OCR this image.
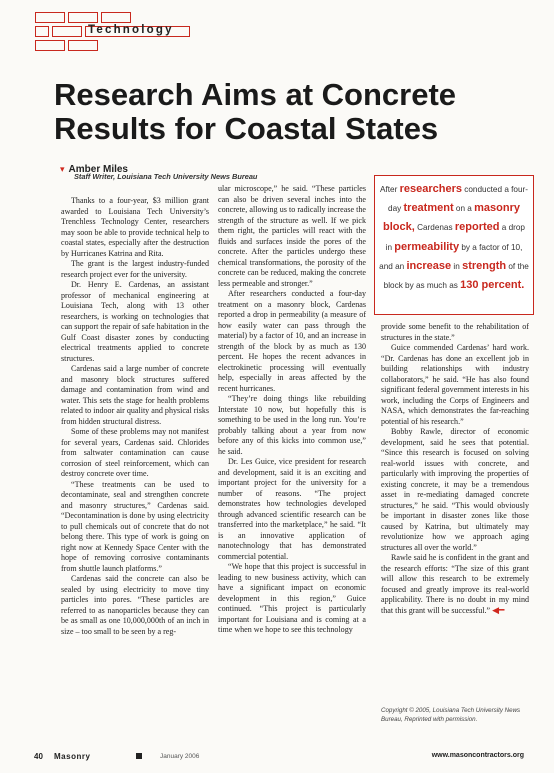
Technology
Research Aims at Concrete
Results for Coastal States
▾ Amber Miles
Staff Writer, Louisiana Tech University News Bureau

Thanks to a four-year, $3 million grant awarded to Louisiana Tech University’s Trenchless Technology Center, researchers may soon be able to provide technical help to coastal states, especially after the destruction by Hurricanes Katrina and Rita.

The grant is the largest industry-funded research project ever for the university.

Dr. Henry E. Cardenas, an assistant professor of mechanical engineering at Louisiana Tech, along with 13 other researchers, is working on technologies that can support the repair of safe habitation in the Gulf Coast disaster zones by conducting electrical treatments applied to concrete structures.

Cardenas said a large number of concrete and masonry block structures suffered damage and contamination from wind and water. This sets the stage for health problems related to indoor air quality and physical risks from hidden structural distress.

Some of these problems may not manifest for several years, Cardenas said. Chlorides from saltwater contamination can cause corrosion of steel reinforcement, which can destroy concrete over time.

“These treatments can be used to decontaminate, seal and strengthen concrete and masonry structures,” Cardenas said. “Decontamination is done by using electricity to pull chemicals out of concrete that do not belong there. This type of work is going on right now at Kennedy Space Center with the hope of removing corrosive contaminants from shuttle launch platforms.”

Cardenas said the concrete can also be sealed by using electricity to move tiny particles into pores. “These particles are referred to as nanoparticles because they can be as small as one 10,000,000th of an inch in size – too small to be seen by a reg-

ular microscope,” he said. “These particles can also be driven several inches into the concrete, allowing us to radically increase the strength of the structure as well. If we pick them right, the particles will react with the fluids and surfaces inside the pores of the concrete. After the particles undergo these chemical transformations, the porosity of the concrete can be reduced, making the concrete less permeable and stronger.”

After researchers conducted a four-day treatment on a masonry block, Cardenas reported a drop in permeability (a measure of how easily water can pass through the material) by a factor of 10, and an increase in strength of the block by as much as 130 percent. He hopes the recent advances in electrokinetic processing will eventually help, especially in areas affected by the recent hurricanes.

“They’re doing things like rebuilding Interstate 10 now, but hopefully this is something to be used in the long run. You’re probably talking about a year from now before any of this kicks into common use,” he said.

Dr. Les Guice, vice president for research and development, said it is an exciting and important project for the university for a number of reasons. “The project demonstrates how technologies developed through advanced scientific research can be transferred into the marketplace,” he said. “It is an innovative application of nanotechnology that has demonstrated commercial potential.

“We hope that this project is successful in leading to new business activity, which can have a significant impact on economic development in this region,” Guice continued. “This project is particularly important for Louisiana and is coming at a time when we hope to see this technology

After researchers conducted a four-day treatment on a masonry block, Cardenas reported a drop in permeability by a factor of 10, and an increase in strength of the block by as much as 130 percent.

provide some benefit to the rehabilitation of structures in the state.”

Guice commended Cardenas’ hard work. “Dr. Cardenas has done an excellent job in building relationships with industry collaborators,” he said. “He has also found significant federal government interests in his work, including the Corps of Engineers and NASA, which demonstrates the far-reaching potential of his research.”

Bobby Rawle, director of economic development, said he sees that potential. “Since this research is focused on solving real-world issues with concrete, and particularly with improving the properties of existing concrete, it may be a tremendous asset in re-mediating damaged concrete structures,” he said. “This would obviously be important in disaster zones like those caused by Katrina, but ultimately may revolutionize how we approach aging structures all over the world.”

Rawle said he is confident in the grant and the research efforts: “The size of this grant will allow this research to be extremely focused and greatly improve its real-world applicability. There is no doubt in my mind that this grant will be successful.” ◀━

Copyright © 2005, Louisiana Tech University News Bureau, Reprinted with permission.
40 Masonry	January 2006	www.masoncontractors.org
